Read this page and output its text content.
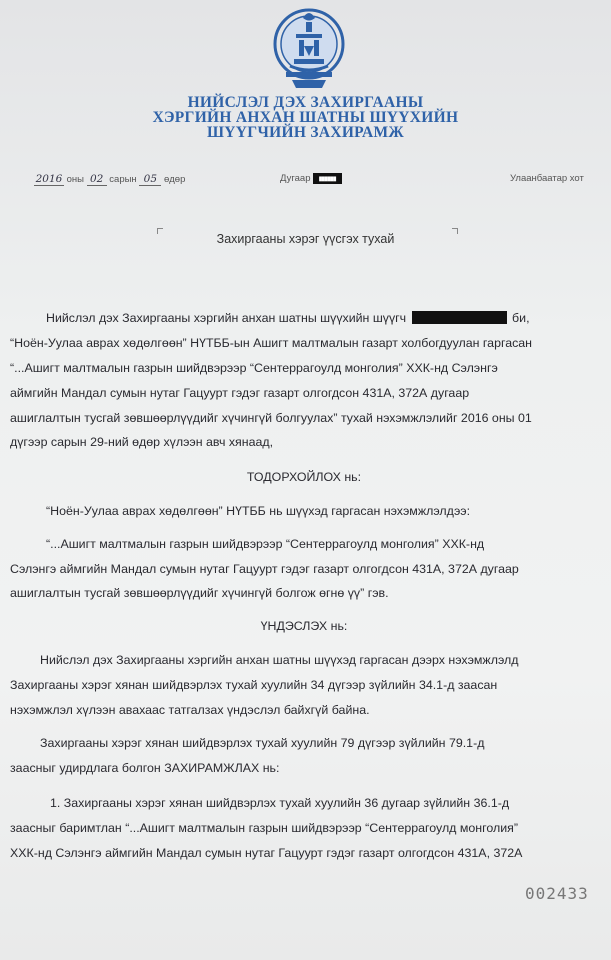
НИЙСЛЭЛ ДЭХ ЗАХИРГААНЫ
ХЭРГИЙН АНХАН ШАТНЫ ШҮҮХИЙН
ШҮҮГЧИЙН ЗАХИРАМЖ
2016 оны 02 сарын 05 өдөр	Дугаар ██████	Улаанбаатар хот
Захиргааны хэрэг үүсгэх тухай
Нийслэл дэх Захиргааны хэргийн анхан шатны шүүхийн шүүгч	би,
“Ноён-Уулаа аврах хөдөлгөөн” НҮТББ-ын Ашигт малтмалын газарт холбогдуулан гаргасан
“...Ашигт малтмалын газрын шийдвэрээр “Сентеррагоулд монголия” ХХК-нд Сэлэнгэ
аймгийн Мандал сумын нутаг Гацуурт гэдэг газарт олгогдсон 431А, 372А дугаар
ашиглалтын тусгай зөвшөөрлүүдийг хүчингүй болгуулах” тухай нэхэмжлэлийг 2016 оны 01
дүгээр сарын 29-ний өдөр хүлээн авч хянаад,
ТОДОРХОЙЛОХ нь:
“Ноён-Уулаа аврах хөдөлгөөн” НҮТББ нь шүүхэд гаргасан нэхэмжлэлдээ:
“...Ашигт малтмалын газрын шийдвэрээр “Сентеррагоулд монголия” ХХК-нд
Сэлэнгэ аймгийн Мандал сумын нутаг Гацуурт гэдэг газарт олгогдсон 431А, 372А дугаар
ашиглалтын тусгай зөвшөөрлүүдийг хүчингүй болгож өгнө үү” гэв.
ҮНДЭСЛЭХ нь:
Нийслэл дэх Захиргааны хэргийн анхан шатны шүүхэд гаргасан дээрх нэхэмжлэлд
Захиргааны хэрэг хянан шийдвэрлэх тухай хуулийн 34 дүгээр зүйлийн 34.1-д заасан
нэхэмжлэл хүлээн авахаас татгалзах үндэслэл байхгүй байна.
Захиргааны хэрэг хянан шийдвэрлэх тухай хуулийн 79 дүгээр зүйлийн 79.1-д
заасныг удирдлага болгон ЗАХИРАМЖЛАХ нь:
1. Захиргааны хэрэг хянан шийдвэрлэх тухай хуулийн 36 дугаар зүйлийн 36.1-д
заасныг баримтлан “...Ашигт малтмалын газрын шийдвэрээр “Сентеррагоулд монголия”
ХХК-нд Сэлэнгэ аймгийн Мандал сумын нутаг Гацуурт гэдэг газарт олгогдсон 431А, 372А
002433
